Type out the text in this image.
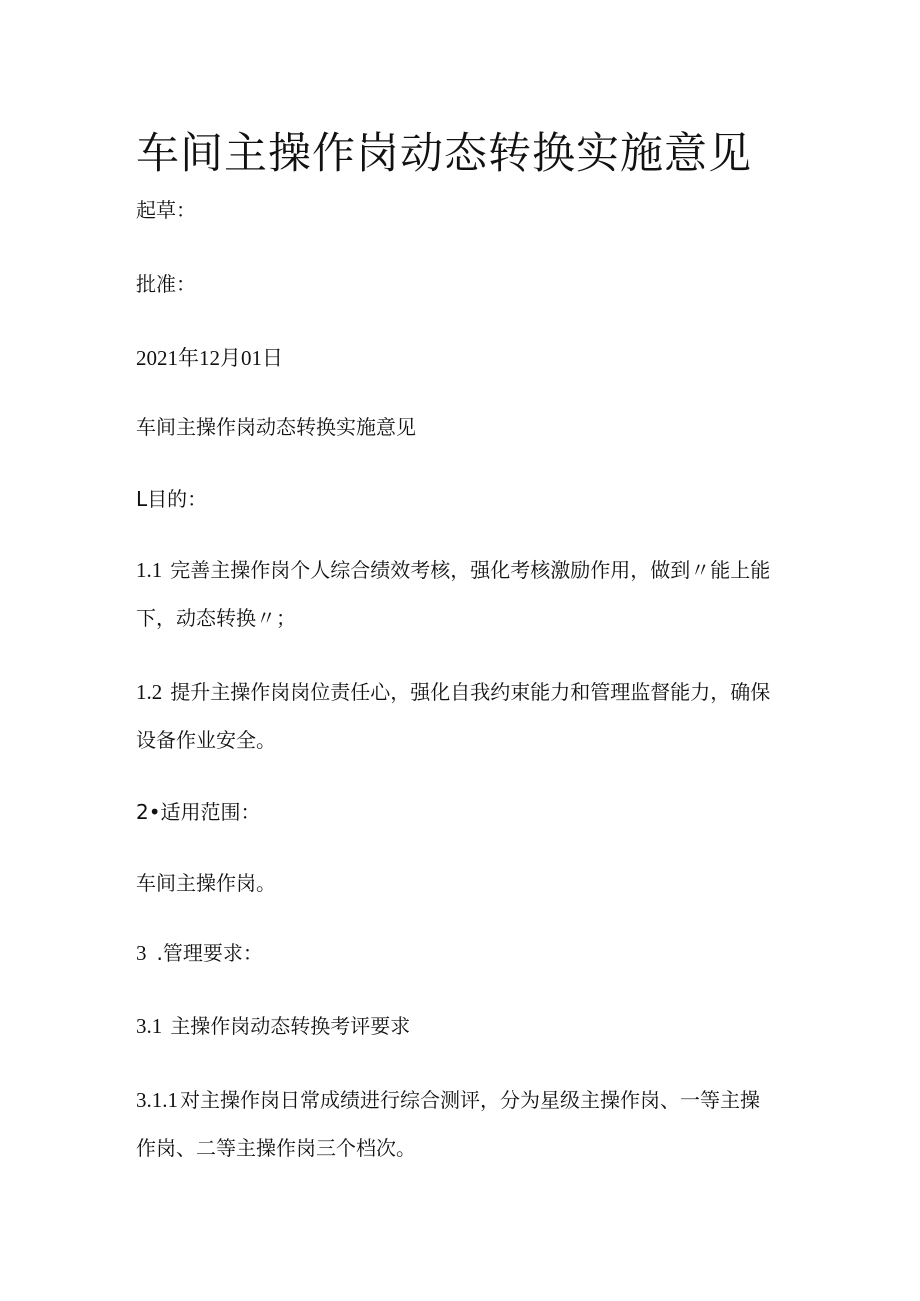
车间主操作岗动态转换实施意见

起草：

批准：

2021年12月01日

车间主操作岗动态转换实施意见

L目的：

1.1 完善主操作岗个人综合绩效考核，强化考核激励作用，做到〃能上能下，动态转换〃；
1.2 提升主操作岗岗位责任心，强化自我约束能力和管理监督能力，确保设备作业安全。

2•适用范围：

车间主操作岗。

3 .管理要求：

3.1 主操作岗动态转换考评要求

3.1.1 对主操作岗日常成绩进行综合测评，分为星级主操作岗、一等主操作岗、二等主操作岗三个档次。
